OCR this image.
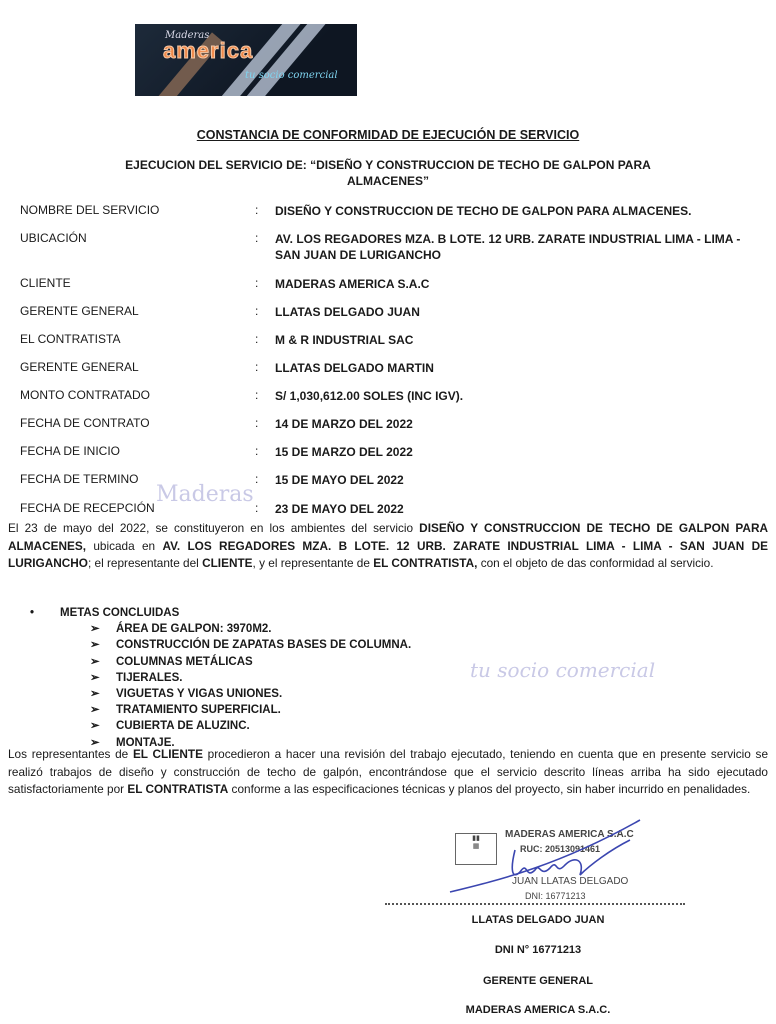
Maderas
america
tu socio comercial
CONSTANCIA DE CONFORMIDAD DE EJECUCIÓN DE SERVICIO
EJECUCION DEL SERVICIO DE: “DISEÑO Y CONSTRUCCION DE TECHO DE GALPON PARA
ALMACENES”
NOMBRE DEL SERVICIO	: DISEÑO Y CONSTRUCCION DE TECHO DE GALPON PARA ALMACENES.
UBICACIÓN	: AV. LOS REGADORES MZA. B LOTE. 12 URB. ZARATE INDUSTRIAL LIMA - LIMA - SAN JUAN DE LURIGANCHO
CLIENTE	: MADERAS AMERICA S.A.C
GERENTE GENERAL	: LLATAS DELGADO JUAN
EL CONTRATISTA	: M & R INDUSTRIAL SAC
GERENTE GENERAL	: LLATAS DELGADO MARTIN
MONTO CONTRATADO	: S/ 1,030,612.00 SOLES (INC IGV).
FECHA DE CONTRATO	: 14 DE MARZO DEL 2022
FECHA DE INICIO	: 15 DE MARZO DEL 2022
FECHA DE TERMINO	: 15 DE MAYO DEL 2022
FECHA DE RECEPCIÓN	: 23 DE MAYO DEL 2022
Maderas
tu socio comercial
El 23 de mayo del 2022, se constituyeron en los ambientes del servicio DISEÑO Y CONSTRUCCION DE TECHO DE GALPON PARA ALMACENES, ubicada en AV. LOS REGADORES MZA. B LOTE. 12 URB. ZARATE INDUSTRIAL LIMA - LIMA - SAN JUAN DE LURIGANCHO; el representante del CLIENTE, y el representante de EL CONTRATISTA, con el objeto de das conformidad al servicio.
• METAS CONCLUIDAS
➢ ÁREA DE GALPON: 3970M2.
➢ CONSTRUCCIÓN DE ZAPATAS BASES DE COLUMNA.
➢ COLUMNAS METÁLICAS
➢ TIJERALES.
➢ VIGUETAS Y VIGAS UNIONES.
➢ TRATAMIENTO SUPERFICIAL.
➢ CUBIERTA DE ALUZINC.
➢ MONTAJE.
Los representantes de EL CLIENTE procedieron a hacer una revisión del trabajo ejecutado, teniendo en cuenta que en presente servicio se realizó trabajos de diseño y construcción de techo de galpón, encontrándose que el servicio descrito líneas arriba ha sido ejecutado satisfactoriamente por EL CONTRATISTA conforme a las especificaciones técnicas y planos del proyecto, sin haber incurrido en penalidades.
▮▮
▦
MADERAS AMERICA S.A.C
RUC: 20513091461
JUAN LLATAS DELGADO
DNI: 16771213
LLATAS DELGADO JUAN
DNI N° 16771213
GERENTE GENERAL
MADERAS AMERICA S.A.C.
